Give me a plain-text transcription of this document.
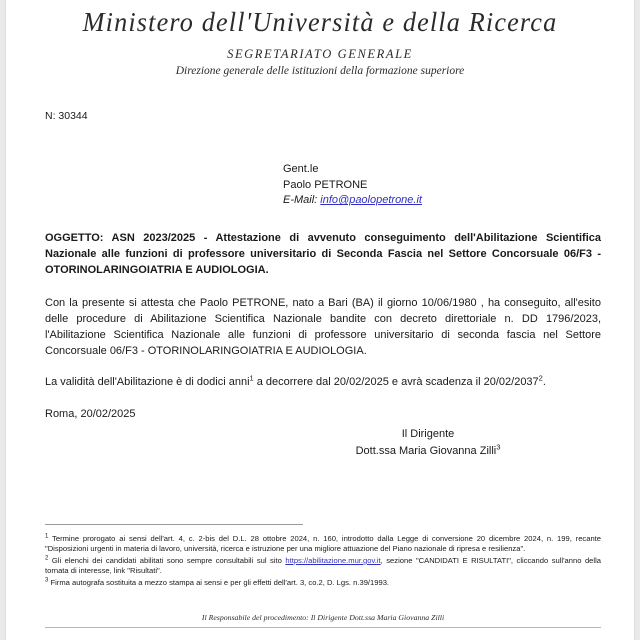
Ministero dell'Università e della Ricerca
SEGRETARIATO GENERALE
Direzione generale delle istituzioni della formazione superiore
N: 30344
Gent.le
Paolo PETRONE
E-Mail: info@paolopetrone.it
OGGETTO: ASN 2023/2025 - Attestazione di avvenuto conseguimento dell'Abilitazione Scientifica Nazionale alle funzioni di professore universitario di Seconda Fascia nel Settore Concorsuale 06/F3 - OTORINOLARINGOIATRIA E AUDIOLOGIA.
Con la presente si attesta che Paolo PETRONE, nato a Bari (BA) il giorno 10/06/1980 , ha conseguito, all'esito delle procedure di Abilitazione Scientifica Nazionale bandite con decreto direttoriale n. DD 1796/2023, l'Abilitazione Scientifica Nazionale alle funzioni di professore universitario di seconda fascia nel Settore Concorsuale 06/F3 - OTORINOLARINGOIATRIA E AUDIOLOGIA.
La validità dell'Abilitazione è di dodici anni$^1$ a decorrere dal 20/02/2025 e avrà scadenza il 20/02/2037$^2$.
Roma, 20/02/2025
Il Dirigente
Dott.ssa Maria Giovanna Zilli$^3$
$^1$ Termine prorogato ai sensi dell'art. 4, c. 2-bis del D.L. 28 ottobre 2024, n. 160, introdotto dalla Legge di conversione 20 dicembre 2024, n. 199, recante "Disposizioni urgenti in materia di lavoro, università, ricerca e istruzione per una migliore attuazione del Piano nazionale di ripresa e resilienza".
$^2$ Gli elenchi dei candidati abilitati sono sempre consultabili sul sito https://abilitazione.mur.gov.it, sezione "CANDIDATI E RISULTATI", cliccando sull'anno della tornata di interesse, link "Risultati".
$^3$ Firma autografa sostituita a mezzo stampa ai sensi e per gli effetti dell'art. 3, co.2, D. Lgs. n.39/1993.
Il Responsabile del procedimento: Il Dirigente Dott.ssa Maria Giovanna Zilli
